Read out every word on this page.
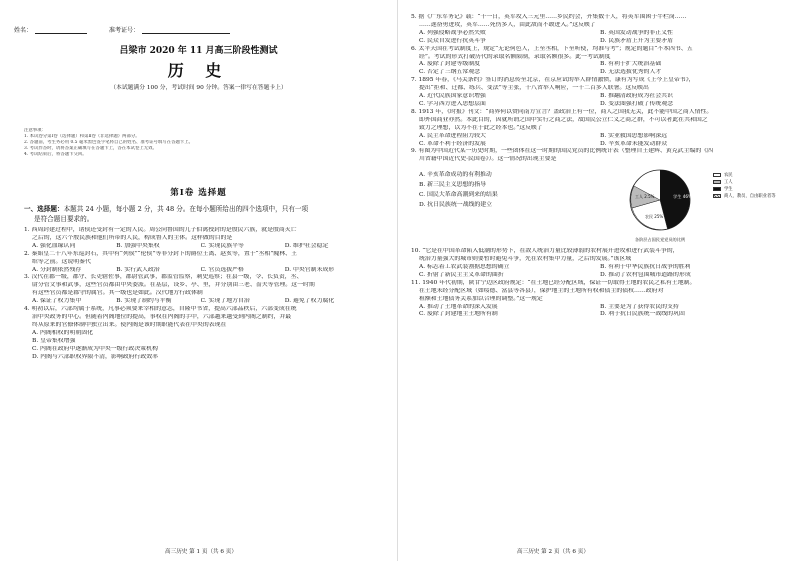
姓名：	准考证号：
吕梁市 2020 年 11 月高三阶段性测试
历 史
（本试题满分 100 分，考试时间 90 分钟。答案一律写在答题卡上）
注意事项：
1. 本试卷分第Ⅰ卷（选择题）和第Ⅱ卷（非选择题）两部分。
2. 答题前，考生务必用 0.5 毫米黑色签字笔将自己的姓名、准考证号填写在答题卡上。
3. 考试作答时，请将答案正确填写在答题卡上，答在本试卷上无效。
4. 考试结束后，将答题卡交回。
第Ⅰ卷 选择题
一、选择题：本题共 24 小题，每小题 2 分，共 48 分。在每小题所给出的四个选项中，只有一项
是符合题目要求的。
1. 西周封建过程中，诸侯还受封有一定的人民。周公向鲁国的儿子伯禽授封的是殷民六族，就是殷商灭亡
之后的，这六个殷民族和他们所带的人民，构成鲁人的主体。这样做的目的是
A. 强化血缘认同	B. 加强中央集权	C. 实现民族平等	D. 维护社会稳定
2. 秦始皇二十八年东巡封石，其中有“列侯”“伦侯”等非分封下的爵位王离、赵亥等，置于“丞相”隗林、王
绾等之前。这说明秦代
A. 分封制依然残存	B. 实行武人政治	C. 官员选拔严格	D. 中央官制未成形
3. 汉代在郡一级，郡守、长吏辖佐事，郡尉管武事，郡监管监察，刺史巡察；在县一级，令、长负责，丞、
尉分管文事和武事，这些官员都由中央委派。在基层，设乡、亭、里，并分别由三老、啬夫等管理。这一时期
有这些官员都是郡守的属官。其一级也是如此。汉代地方行政体制
A. 保证了权力集中	B. 实现了制约与平衡	C. 实现了地方自治	D. 避免了权力腐化
4. 明初以后，六部均属于系统，凡事必须要来宰相的意志，自隆中书省，提高六部品秩后，六部变成在统
治中央政务的中心。但随着内阁地位的提高，事权在内阁的手中，六部越来越受到内阁之制约，并最
终从原来的官僚体制中独立出来。使内阁是该时期职能代表在中央的表现在
A. 内阁相权的明朝固化
B. 皇帝集权增强
C. 内阁在政府中逐渐成为中央一级行政决策机构
D. 内阁与六部职权界限不清，影响政府行政效率
高三历史 第 1 页（共 6 页）
5. 据《广东军务记》载：“十一日，英军攻入三元里……乡民约会，齐集数千人，将英军围困于牛栏岗……
……遂奋勇进攻，英军……死伤多人，由此敌而不敢进入。”这反映了
A. 列强侵略战争必然失败	B. 英国发动战争的非正义性
C. 民众自发进行抗英斗争	D. 民族矛盾上升为主要矛盾
6. 太平天国在考试制度上，规定“无论何色人，上至丞相，下至听使，均准与考”；规定的题目“不本四书、五
经”。考试的形式打破历代的录取名额限制，录取名额很多。此一考试制度
A. 废除了封建等级制度	B. 有利于扩大统治基础
C. 否定了三纲五常观念	D. 无法选拔优秀的人才
7. 1895 年春，《马关条约》签订的消息传至北京，在京应试的举人群情激愤，康有为写成《上今上皇帝书》，
提出“拒和、迁都、练兵、变法”等主张，十八省举人响应，一千二百多人联署。这反映出
A. 近代民族国家意识增强	B. 推翻清政府成为社会共识
C. 学习西方进入思想层面	D. 变法图强打破了传统观念
8. 1913 年，《时报》刊文：“商界何以赞同南方宣言？盖政治上有一位，商人之国我无关，此不能中国之商人情性。
即外国商业亦然。本此目的，因就所谓之国中实行之商之法，故国民公立仁义之商之群，不可以者此在共和国之
致力之理想，以为不在于此之经本也。”这反映了
A. 民主革命进程阻力较大	B. 实业救国思想影响深远
C. 革命不利于经济的发展	D. 辛亥革命未能发动群众
9. 有图为中国近代某一历史时期，一些团体在这一时期的国民党员的比例统计表（整理自王建辉、黄克武主编的《四
川省籍中国近代史·民国卷》）。这一情况的出现主要是
A. 辛亥革命成功的有利推动
B. 新三民主义思想的指导
C. 国民大革命高潮到来的结果
D. 抗日民族统一战线的建立
学生 46%
工人 2.5%
农民 25%
农民
工人
学生
商人、教员、自由职业者等
各阶层占国民党党员的比例
10. “它是在中国革命陷入低潮的形势下，在敌人统治力量比较薄弱的农村展开进攻和进行武装斗争的，
统治力量强大的城市则要暂时避免斗争，先在农村集中力量，之后的发展。”该区域
A. 标志着工农武装割据思想的确立	B. 有利于中华民族抗日战争的胜利
C. 折射了新民主主义革命的曲折	D. 推动了农村包围城市道路的形成
11. 1940 年代初期，陕甘宁边区政府规定：“在土地已经分配区域，保证一切取得土地的农民之私有土地制。
在土地未经分配区域（如绥德、富县等各县），保护地主的土地所有权和债主的债权……政府对
租额和土地债务关系加以合理的调整。”这一规定
A. 推动了土地革命的深入发展	B. 主要是为了获得农民的支持
C. 废除了封建地主土地所有制	D. 利于抗日民族统一战线的巩固
高三历史 第 2 页（共 6 页）
